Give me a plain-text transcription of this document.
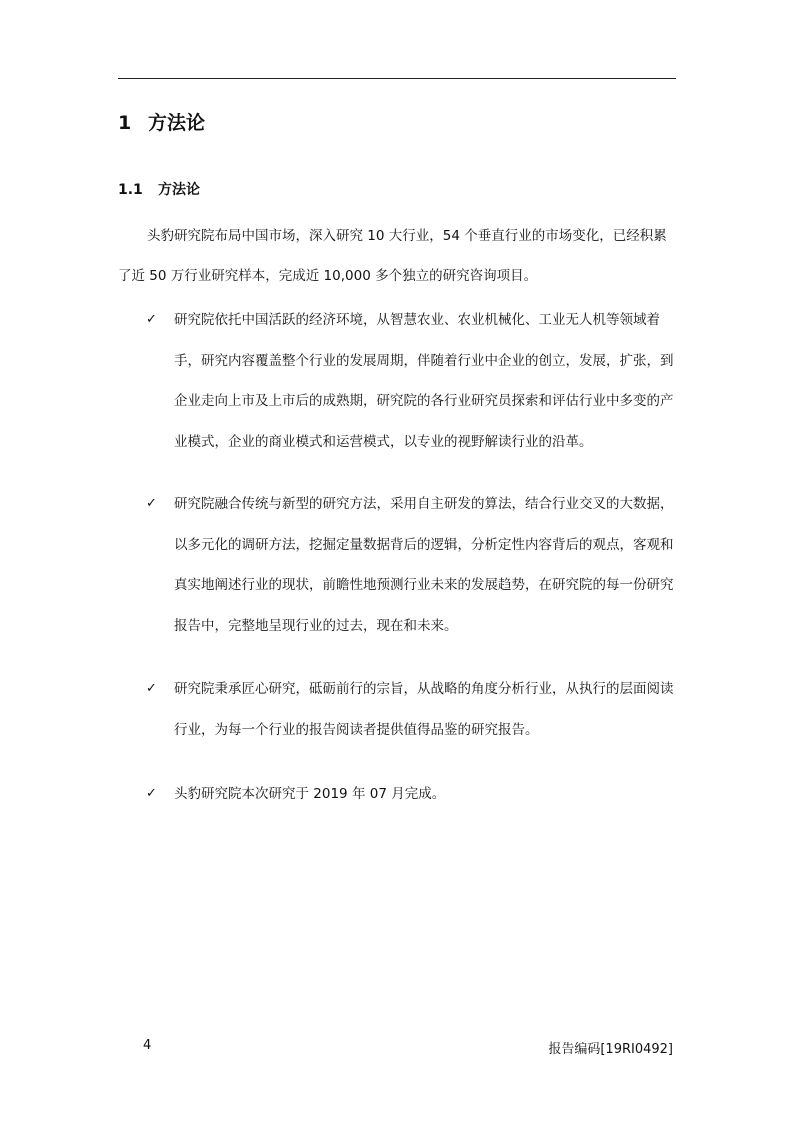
1 方法论
1.1 方法论

头豹研究院布局中国市场，深入研究 10 大行业，54 个垂直行业的市场变化，已经积累了近 50 万行业研究样本，完成近 10,000 多个独立的研究咨询项目。

✓ 研究院依托中国活跃的经济环境，从智慧农业、农业机械化、工业无人机等领域着手，研究内容覆盖整个行业的发展周期，伴随着行业中企业的创立，发展，扩张，到企业走向上市及上市后的成熟期，研究院的各行业研究员探索和评估行业中多变的产业模式，企业的商业模式和运营模式，以专业的视野解读行业的沿革。
✓ 研究院融合传统与新型的研究方法，采用自主研发的算法，结合行业交叉的大数据，以多元化的调研方法，挖掘定量数据背后的逻辑，分析定性内容背后的观点，客观和真实地阐述行业的现状，前瞻性地预测行业未来的发展趋势，在研究院的每一份研究报告中，完整地呈现行业的过去，现在和未来。
✓ 研究院秉承匠心研究，砥砺前行的宗旨，从战略的角度分析行业，从执行的层面阅读行业，为每一个行业的报告阅读者提供值得品鉴的研究报告。
✓ 头豹研究院本次研究于 2019 年 07 月完成。
4	报告编码[19RI0492]
